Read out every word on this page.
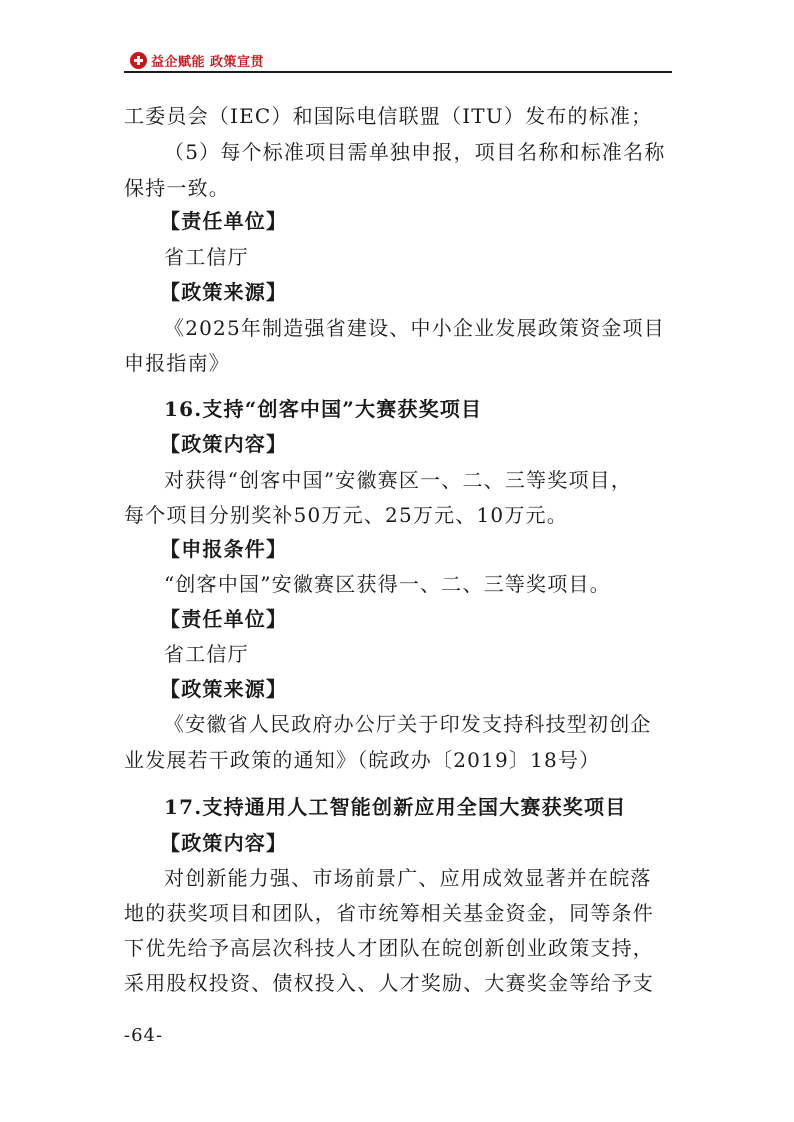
益企赋能 政策宣贯
工委员会（IEC）和国际电信联盟（ITU）发布的标准；
（5）每个标准项目需单独申报，项目名称和标准名称
保持一致。
【责任单位】
省工信厅
【政策来源】
《2025年制造强省建设、中小企业发展政策资金项目
申报指南》
16.支持“创客中国”大赛获奖项目
【政策内容】
对获得“创客中国”安徽赛区一、二、三等奖项目，
每个项目分别奖补50万元、25万元、10万元。
【申报条件】
“创客中国”安徽赛区获得一、二、三等奖项目。
【责任单位】
省工信厅
【政策来源】
《安徽省人民政府办公厅关于印发支持科技型初创企
业发展若干政策的通知》（皖政办〔2019〕18号）
17.支持通用人工智能创新应用全国大赛获奖项目
【政策内容】
对创新能力强、市场前景广、应用成效显著并在皖落
地的获奖项目和团队，省市统筹相关基金资金，同等条件
下优先给予高层次科技人才团队在皖创新创业政策支持，
采用股权投资、债权投入、人才奖励、大赛奖金等给予支
-64-
